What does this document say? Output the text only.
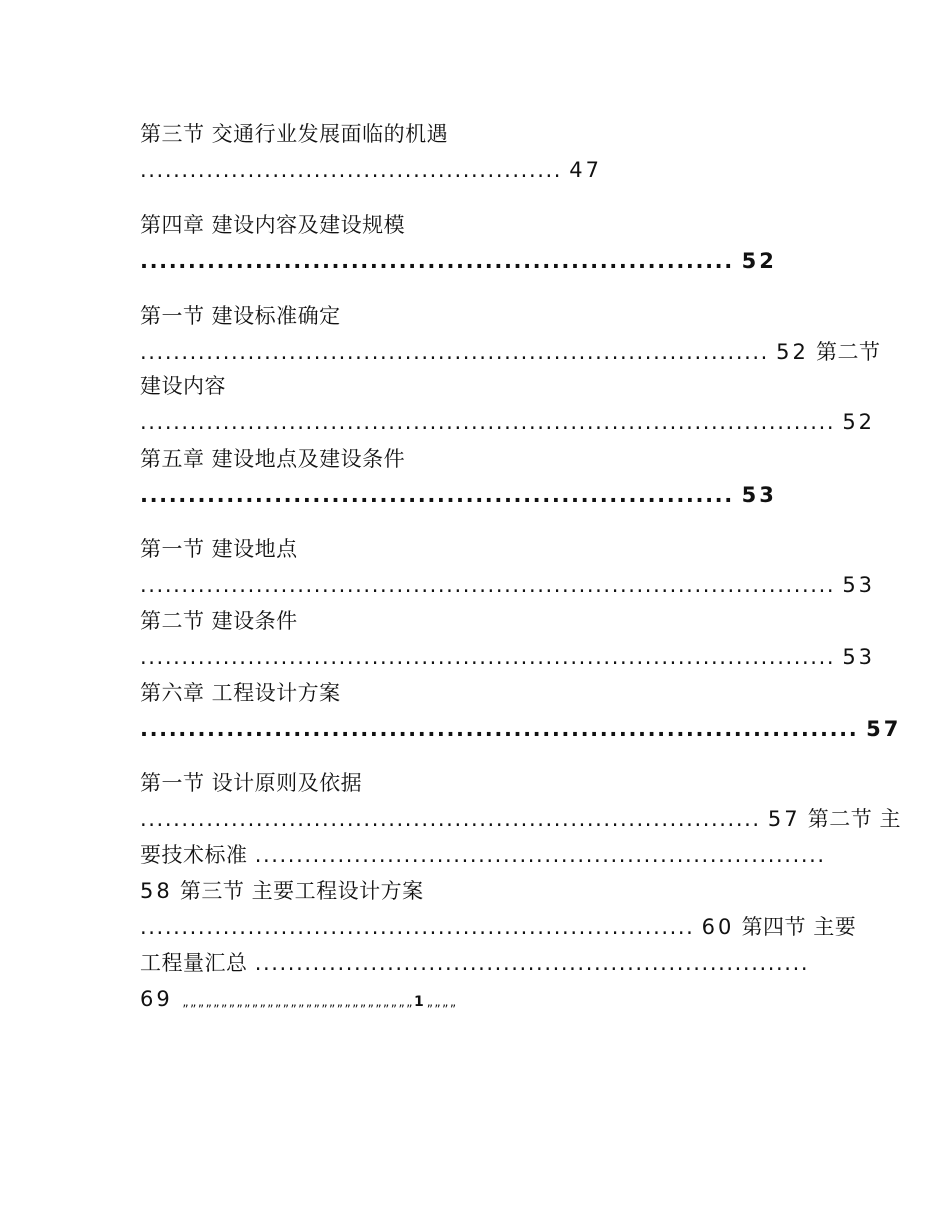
第三节 交通行业发展面临的机遇
................................................... 47
第四章 建设内容及建设规模
.............................................................. 52
第一节 建设标准确定
............................................................................ 52 第二节
建设内容
.................................................................................... 52
第五章 建设地点及建设条件
.............................................................. 53
第一节 建设地点
.................................................................................... 53
第二节 建设条件
.................................................................................... 53
第六章 工程设计方案
........................................................................... 57
第一节 设计原则及依据
........................................................................... 57 第二节 主
要技术标准 .....................................................................
58 第三节 主要工程设计方案
................................................................... 60 第四节 主要
工程量汇总 ...................................................................
69 „„„„„„„„„„„„„„„„„„„„„„„„„„„„„„1„„„„
